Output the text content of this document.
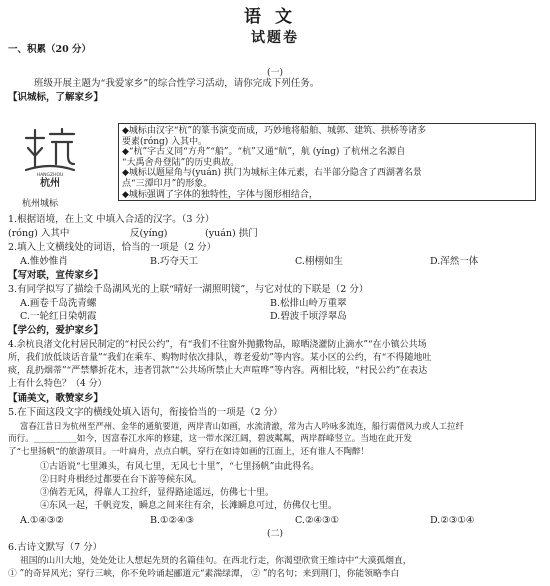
语文
试题卷
一、积累（20 分）
(一)
班级开展主题为“我爱家乡”的综合性学习活动，请你完成下列任务。
【识城标，了解家乡】
HANGZHOU
杭州
杭州城标
◆城标由汉字“杭”的篆书演变而成，巧妙地将船舶、城郭、建筑、拱桥等诸多
要素(róng) 入其中。
◆“杭”字古义同“方舟”“船”。“杭”又通“航”，航 (yíng) 了杭州之名源自
“大禹舍舟登陆”的历史典故。
◆城标以题屋角与(yuán) 拱门为城标主体元素，右半部分隐含了西湖著名景
点“三潭印月”的形象。
◆城标强调了字体的独特性，字体与图形相结合，
1.根据语境，在上文 中填入合适的汉字。（3 分）
(róng) 入其中	反(yíng)	(yuán) 拱门
2.填入上文横线处的词语，恰当的一项是（2 分）
A.惟妙惟肖	B.巧夺天工	C.栩栩如生	D.浑然一体
【写对联，宣传家乡】
3.有同学拟写了描绘千岛湖风光的上联“晴好一湖照明镜”，与它对仗的下联是（2 分）
A.画卷千岛洗青螺	B.松排山岭万重翠
C.一轮红日染朝霞	D.碧波千顷浮翠岛
【学公约，爱护家乡】
4.余杭良渚文化村居民制定的“村民公约”，有“我们不往窗外抛撒物品，晾晒浇灌防止滴水”“在小镇公共场
所，我们放低谈话音量”“我们在乘车、购物时依次排队，尊老爱幼”等内容。某小区的公约，有“不得随地吐
痰，乱扔烟蒂”“严禁攀折花木，违者罚款”“公共场所禁止大声喧哗”等内容。两相比较，“村民公约”在表达
上有什么特色？（4 分）
【诵美文，歌赞家乡】
5.在下面这段文字的横线处填入语句，衔接恰当的一项是（2 分）
富春江昔日为杭州至严州、金华的通航要道，两岸青山如画，水流清澈，常为古人吟咏多流连，船行需借风力或人工拉纤
而行。__________如今，因富春江水库的修建，这一带水深江阔，碧波粼粼，两岸群峰竖立。当地在此开发
了“七里扬帆”的旅游项目。一叶扁舟，点点白帆，穿行在如诗如画的江面上，还有谁人不陶醉！
①古语说“七里滩头，有风七里，无风七十里”，“七里扬帆”由此得名。
②日时舟楫经过都要在台下游等候东风。
③倘若无风，得靠人工拉纤，显得路途遥远，仿佛七十里。
④东风一起，千帆竞发，瞬息之间来往有余，长滩瞬息可过，仿佛仅七里。
A.①④③②	B.①②④③	C.②④③①	D.②③①④
(二)
6.古诗文默写（7 分）
祖国的山川大地，处处处让人想起先贤的名篇佳句。在西北行走，你渴望欣赏王维诗中“大漠孤烟直，
① ”的奇异风光；穿行三峡，你不免吟诵起郦道元“素湍绿潭， ② ”的名句；来到荆门，你能领略李白
